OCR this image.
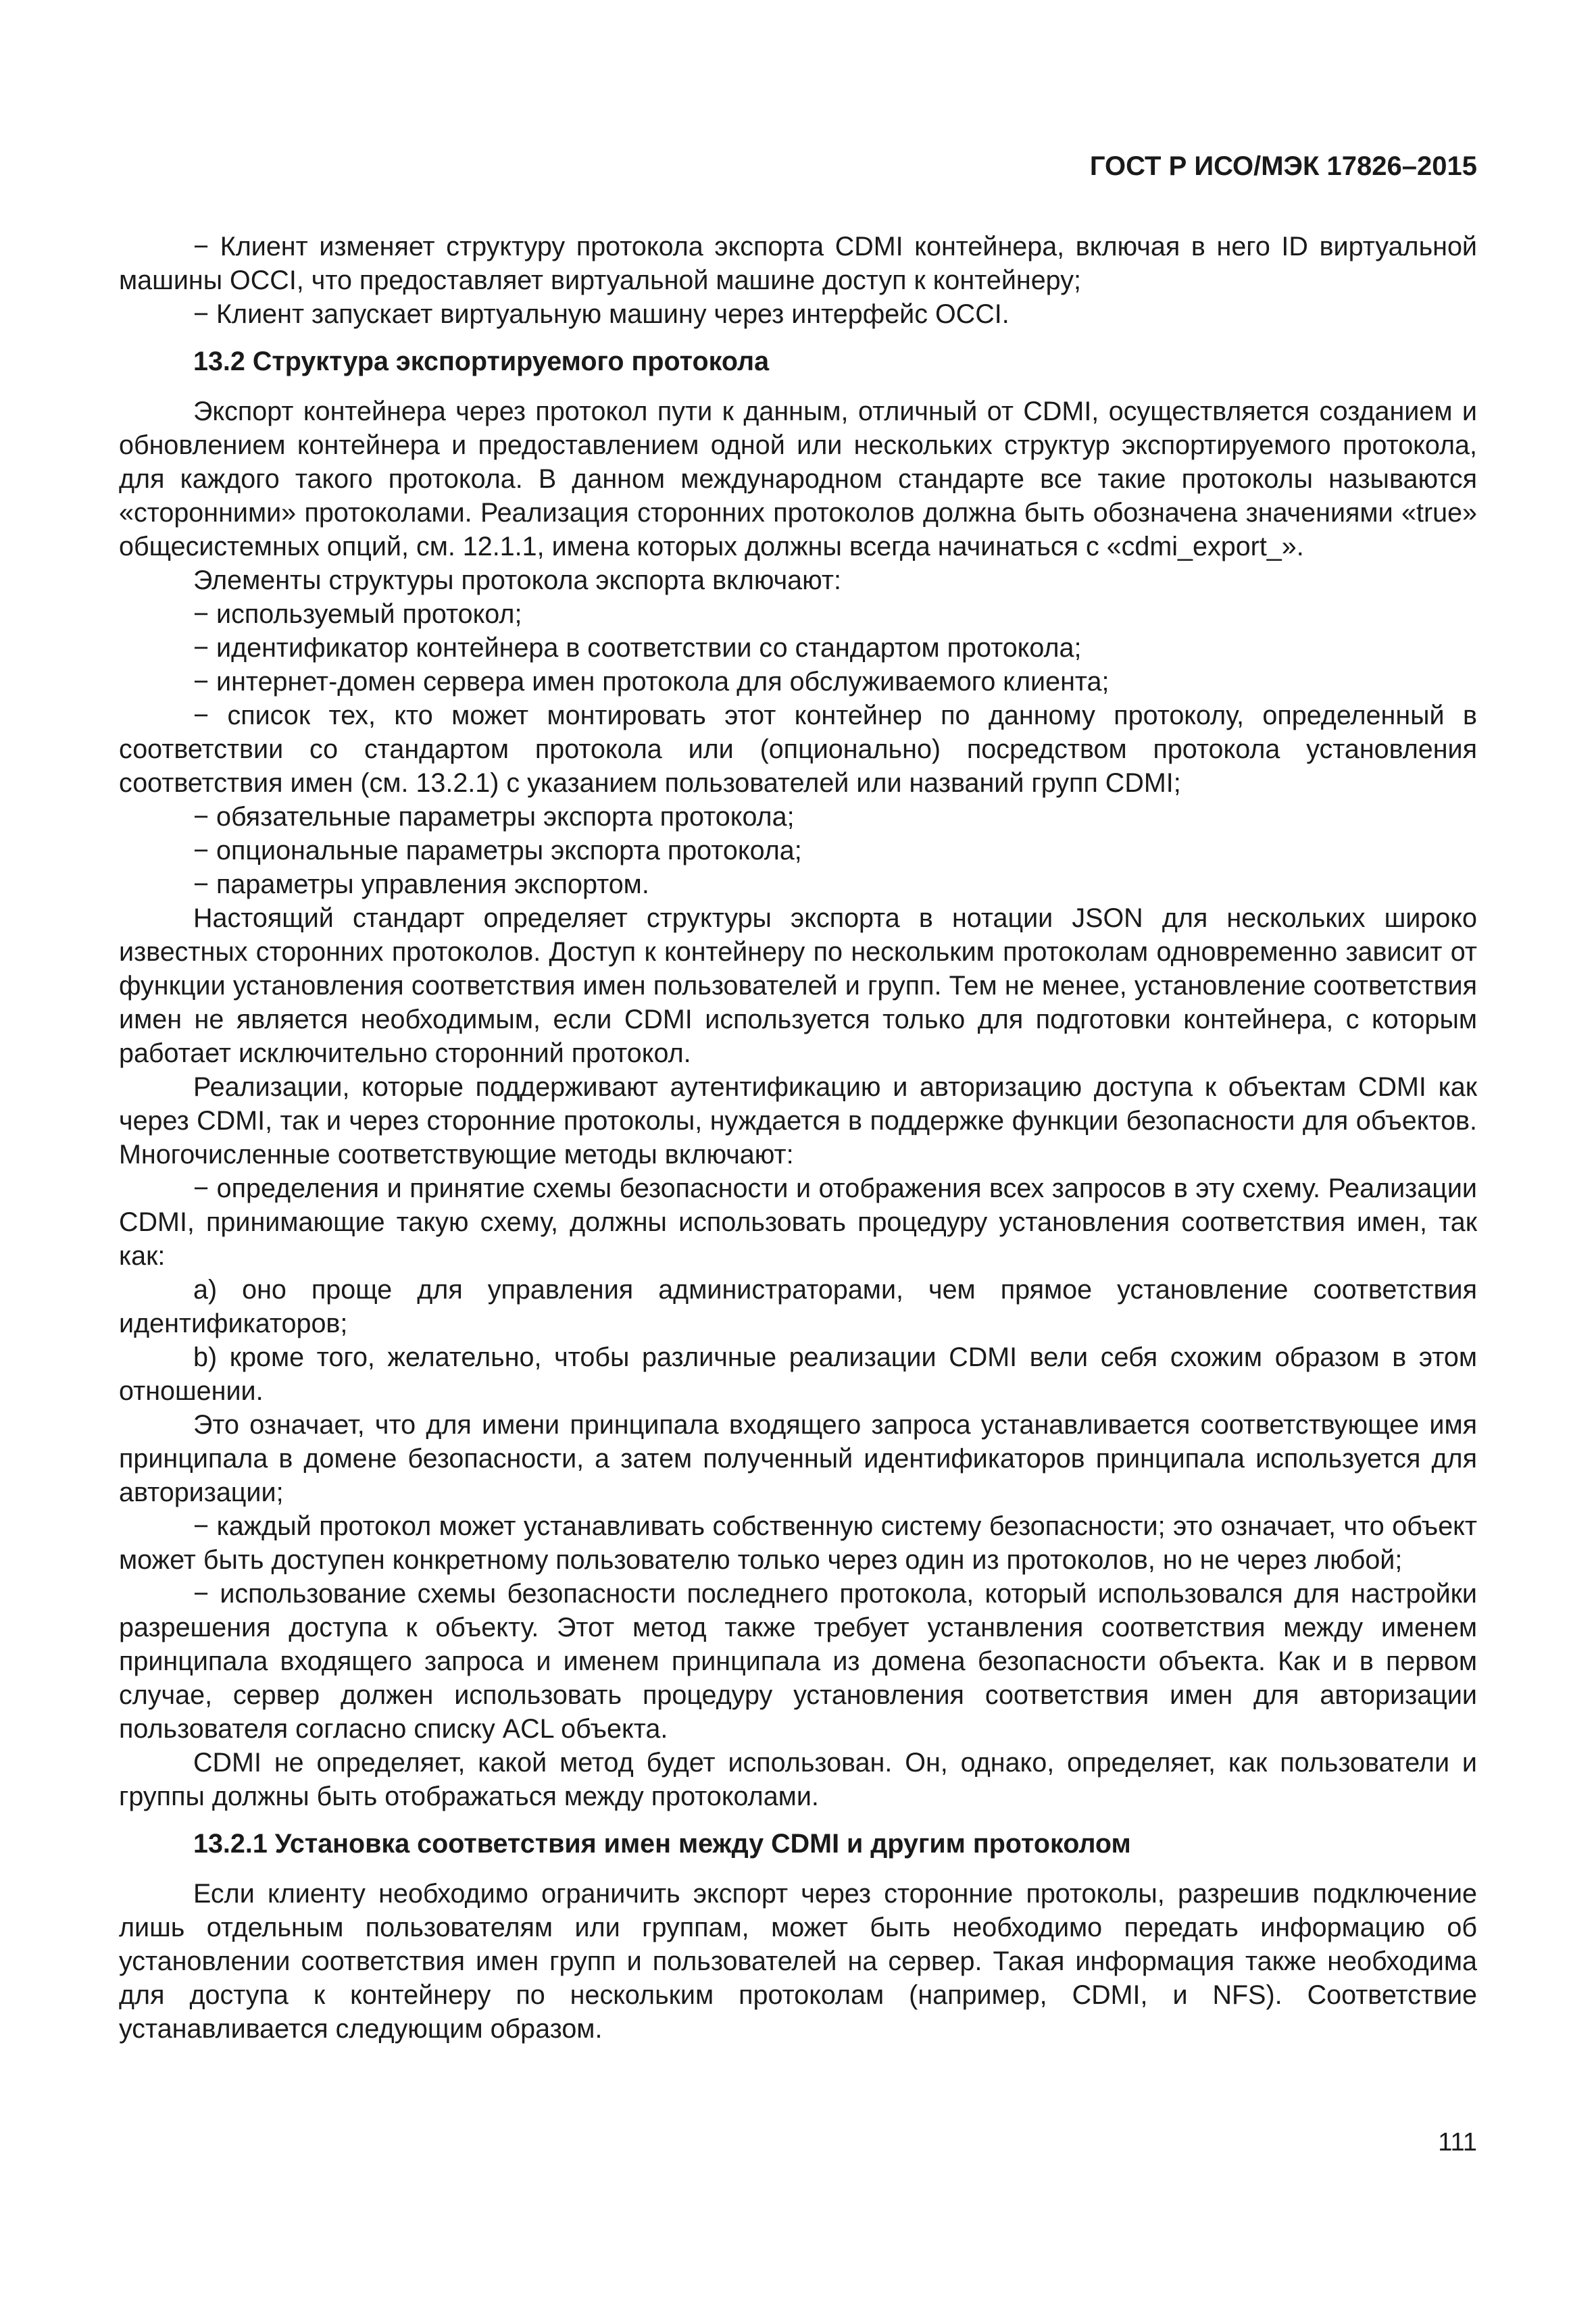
ГОСТ Р ИСО/МЭК 17826–2015
− Клиент изменяет структуру протокола экспорта CDMI контейнера, включая в него ID виртуальной машины OCCI, что предоставляет виртуальной машине доступ к контейнеру;
− Клиент запускает виртуальную машину через интерфейс OCCI.
13.2 Структура экспортируемого протокола
Экспорт контейнера через протокол пути к данным, отличный от CDMI, осуществляется созданием и обновлением контейнера и предоставлением одной или нескольких структур экспортируемого протокола, для каждого такого протокола. В данном международном стандарте все такие протоколы называются «сторонними» протоколами. Реализация сторонних протоколов должна быть обозначена значениями «true» общесистемных опций, см. 12.1.1, имена которых должны всегда начинаться с «cdmi_export_».
Элементы структуры протокола экспорта включают:
− используемый протокол;
− идентификатор контейнера в соответствии со стандартом протокола;
− интернет-домен сервера имен протокола для обслуживаемого клиента;
− список тех, кто может монтировать этот контейнер по данному протоколу, определенный в соответствии со стандартом протокола или (опционально) посредством протокола установления соответствия имен (см. 13.2.1) с указанием пользователей или названий групп CDMI;
− обязательные параметры экспорта протокола;
− опциональные параметры экспорта протокола;
− параметры управления экспортом.
Настоящий стандарт определяет структуры экспорта в нотации JSON для нескольких широко известных сторонних протоколов. Доступ к контейнеру по нескольким протоколам одновременно зависит от функции установления соответствия имен пользователей и групп. Тем не менее, установление соответствия имен не является необходимым, если CDMI используется только для подготовки контейнера, с которым работает исключительно сторонний протокол.
Реализации, которые поддерживают аутентификацию и авторизацию доступа к объектам CDMI как через CDMI, так и через сторонние протоколы, нуждается в поддержке функции безопасности для объектов. Многочисленные соответствующие методы включают:
− определения и принятие схемы безопасности и отображения всех запросов в эту схему. Реализации CDMI, принимающие такую схему, должны использовать процедуру установления соответствия имен, так как:
a) оно проще для управления администраторами, чем прямое установление соответствия идентификаторов;
b) кроме того, желательно, чтобы различные реализации CDMI вели себя схожим образом в этом отношении.
Это означает, что для имени принципала входящего запроса устанавливается соответствующее имя принципала в домене безопасности, а затем полученный идентификаторов принципала используется для авторизации;
− каждый протокол может устанавливать собственную систему безопасности; это означает, что объект может быть доступен конкретному пользователю только через один из протоколов, но не через любой;
− использование схемы безопасности последнего протокола, который использовался для настройки разрешения доступа к объекту. Этот метод также требует устанвления соответствия между именем принципала входящего запроса и именем принципала из домена безопасности объекта. Как и в первом случае, сервер должен использовать процедуру установления соответствия имен для авторизации пользователя согласно списку ACL объекта.
CDMI не определяет, какой метод будет использован. Он, однако, определяет, как пользователи и группы должны быть отображаться между протоколами.
13.2.1 Установка соответствия имен между CDMI и другим протоколом
Если клиенту необходимо ограничить экспорт через сторонние протоколы, разрешив подключение лишь отдельным пользователям или группам, может быть необходимо передать информацию об установлении соответствия имен групп и пользователей на сервер. Такая информация также необходима для доступа к контейнеру по нескольким протоколам (например, CDMI, и NFS). Соответствие устанавливается следующим образом.
111
